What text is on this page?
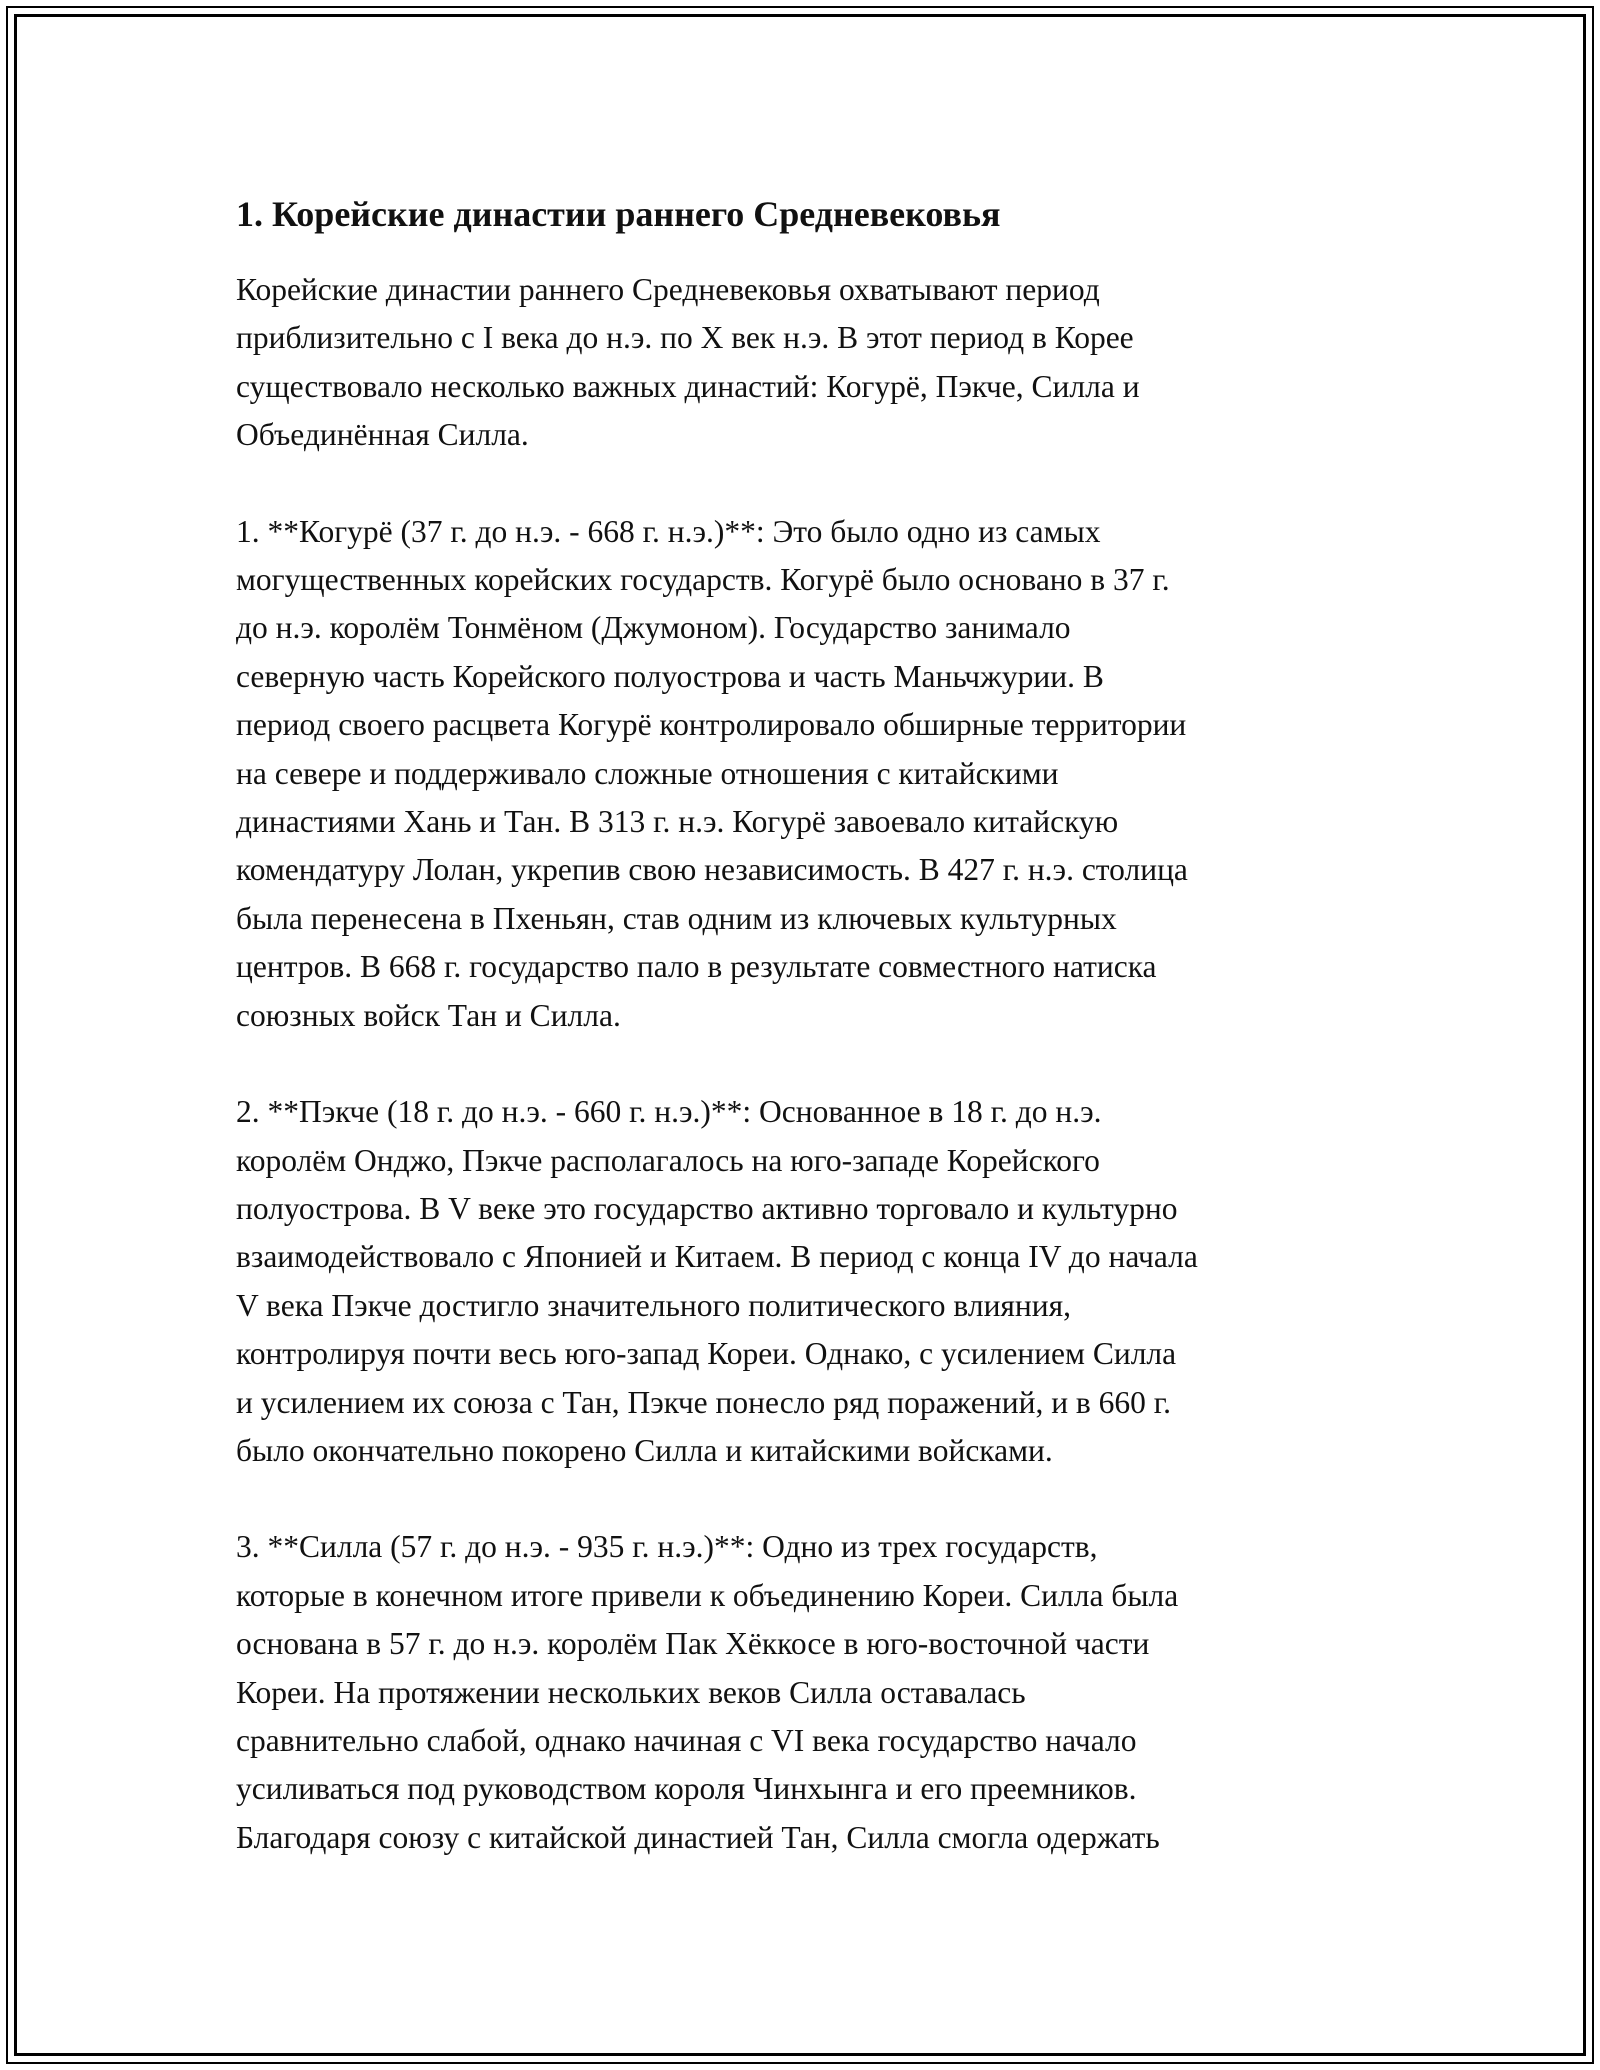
1. Корейские династии раннего Средневековья

Корейские династии раннего Средневековья охватывают период
приблизительно с I века до н.э. по X век н.э. В этот период в Корее
существовало несколько важных династий: Когурё, Пэкче, Силла и
Объединённая Силла.

1. **Когурё (37 г. до н.э. - 668 г. н.э.)**: Это было одно из самых
могущественных корейских государств. Когурё было основано в 37 г.
до н.э. королём Тонмёном (Джумоном). Государство занимало
северную часть Корейского полуострова и часть Маньчжурии. В
период своего расцвета Когурё контролировало обширные территории
на севере и поддерживало сложные отношения с китайскими
династиями Хань и Тан. В 313 г. н.э. Когурё завоевало китайскую
комендатуру Лолан, укрепив свою независимость. В 427 г. н.э. столица
была перенесена в Пхеньян, став одним из ключевых культурных
центров. В 668 г. государство пало в результате совместного натиска
союзных войск Тан и Силла.

2. **Пэкче (18 г. до н.э. - 660 г. н.э.)**: Основанное в 18 г. до н.э.
королём Онджо, Пэкче располагалось на юго-западе Корейского
полуострова. В V веке это государство активно торговало и культурно
взаимодействовало с Японией и Китаем. В период с конца IV до начала
V века Пэкче достигло значительного политического влияния,
контролируя почти весь юго-запад Кореи. Однако, с усилением Силла
и усилением их союза с Тан, Пэкче понесло ряд поражений, и в 660 г.
было окончательно покорено Силла и китайскими войсками.

3. **Силла (57 г. до н.э. - 935 г. н.э.)**: Одно из трех государств,
которые в конечном итоге привели к объединению Кореи. Силла была
основана в 57 г. до н.э. королём Пак Хёккосе в юго-восточной части
Кореи. На протяжении нескольких веков Силла оставалась
сравнительно слабой, однако начиная с VI века государство начало
усиливаться под руководством короля Чинхынга и его преемников.
Благодаря союзу с китайской династией Тан, Силла смогла одержать
